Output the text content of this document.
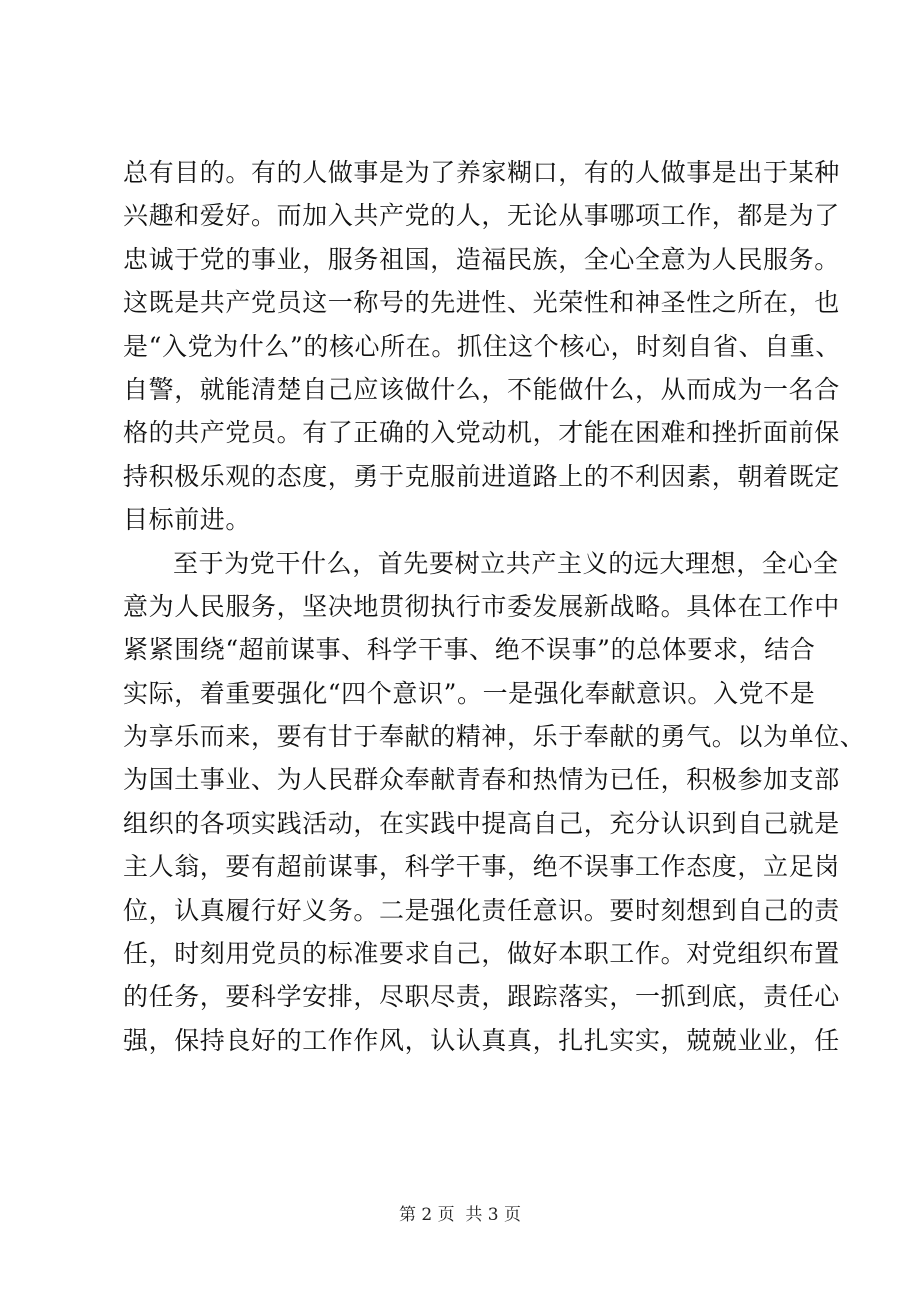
总有目的。有的人做事是为了养家糊口，有的人做事是出于某种
兴趣和爱好。而加入共产党的人，无论从事哪项工作，都是为了
忠诚于党的事业，服务祖国，造福民族，全心全意为人民服务。
这既是共产党员这一称号的先进性、光荣性和神圣性之所在，也
是“入党为什么”的核心所在。抓住这个核心，时刻自省、自重、
自警，就能清楚自己应该做什么，不能做什么，从而成为一名合
格的共产党员。有了正确的入党动机，才能在困难和挫折面前保
持积极乐观的态度，勇于克服前进道路上的不利因素，朝着既定
目标前进。
至于为党干什么，首先要树立共产主义的远大理想，全心全
意为人民服务，坚决地贯彻执行市委发展新战略。具体在工作中
紧紧围绕“超前谋事、科学干事、绝不误事”的总体要求，结合
实际，着重要强化“四个意识”。一是强化奉献意识。入党不是
为享乐而来，要有甘于奉献的精神，乐于奉献的勇气。以为单位、
为国土事业、为人民群众奉献青春和热情为已任，积极参加支部
组织的各项实践活动，在实践中提高自己，充分认识到自己就是
主人翁，要有超前谋事，科学干事，绝不误事工作态度，立足岗
位，认真履行好义务。二是强化责任意识。要时刻想到自己的责
任，时刻用党员的标准要求自己，做好本职工作。对党组织布置
的任务，要科学安排，尽职尽责，跟踪落实，一抓到底，责任心
强，保持良好的工作作风，认认真真，扎扎实实，兢兢业业，任
第 2 页  共 3 页
